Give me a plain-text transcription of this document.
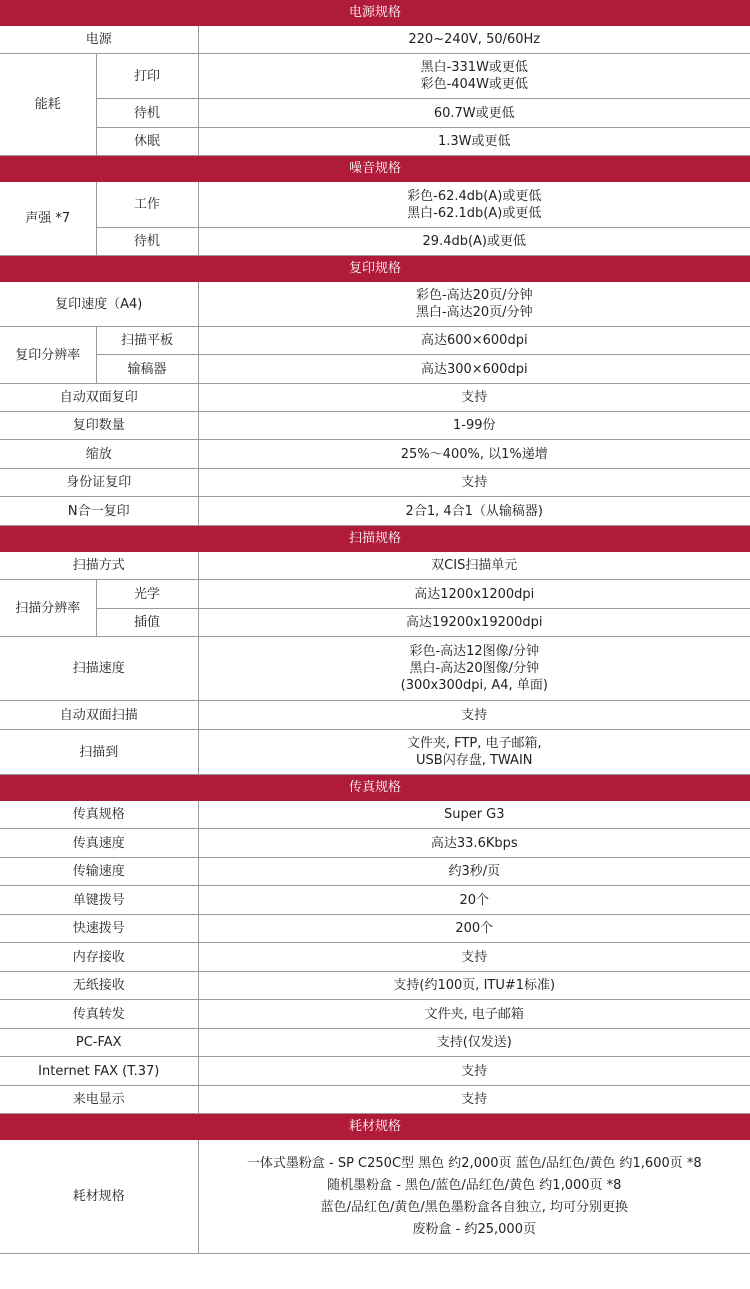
电源规格		
电源		220~240V, 50/60Hz
能耗	打印	黑白-331W或更低
彩色-404W或更低

	待机	60.7W或更低
	休眠	1.3W或更低
噪音规格		
声强 *7	工作	彩色-62.4db(A)或更低
黑白-62.1db(A)或更低

	待机	29.4db(A)或更低
复印规格		
复印速度（A4)		彩色-高达20页/分钟
黑白-高达20页/分钟

复印分辨率	扫描平板	高达600×600dpi
	输稿器	高达300×600dpi
自动双面复印		支持
复印数量		1-99份
缩放		25%～400%, 以1%递增
身份证复印		支持
N合一复印		2合1, 4合1（从输稿器)
扫描规格		
扫描方式		双CIS扫描单元
扫描分辨率	光学	高达1200x1200dpi
	插值	高达19200x19200dpi
扫描速度		彩色-高达12图像/分钟
黑白-高达20图像/分钟
(300x300dpi, A4, 单面)

自动双面扫描		支持
扫描到		文件夹, FTP, 电子邮箱,
USB闪存盘, TWAIN

传真规格		
传真规格		Super G3
传真速度		高达33.6Kbps
传输速度		约3秒/页
单键拨号		20个
快速拨号		200个
内存接收		支持
无纸接收		支持(约100页, ITU#1标准)
传真转发		文件夹, 电子邮箱
PC-FAX		支持(仅发送)
Internet FAX (T.37)		支持
来电显示		支持
耗材规格		
耗材规格		一体式墨粉盒 - SP C250C型 黑色 约2,000页 蓝色/品红色/黄色 约1,600页 *8
随机墨粉盒 - 黑色/蓝色/品红色/黄色 约1,000页 *8
蓝色/品红色/黄色/黑色墨粉盒各自独立, 均可分别更换
废粉盒 - 约25,000页
